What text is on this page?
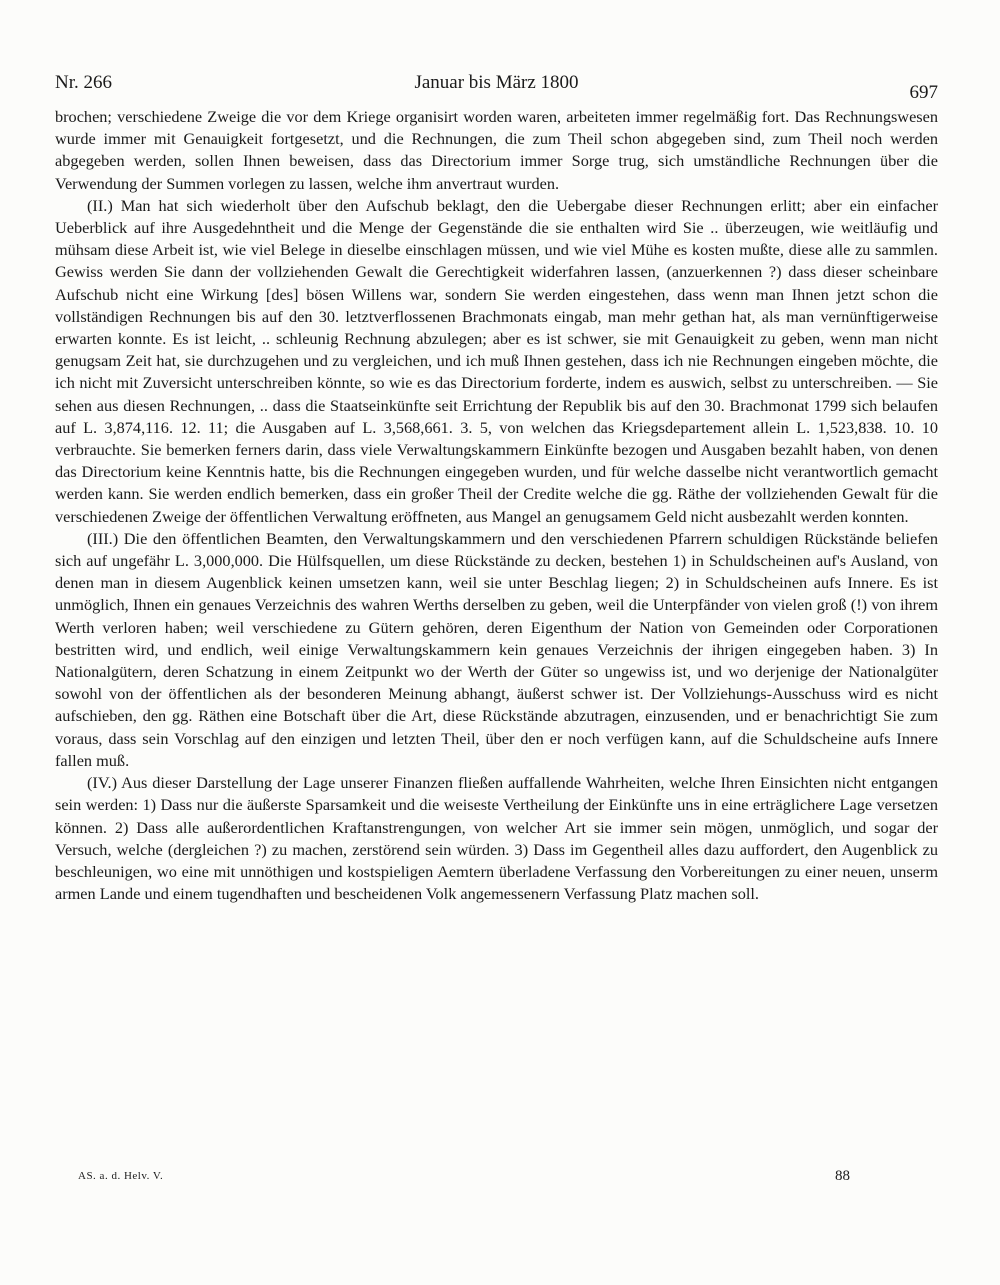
Nr. 266	Januar bis März 1800	697

brochen; verschiedene Zweige die vor dem Kriege organisirt worden waren, arbeiteten immer regelmäßig fort. Das Rechnungswesen wurde immer mit Genauigkeit fortgesetzt, und die Rechnungen, die zum Theil schon abgegeben sind, zum Theil noch werden abgegeben werden, sollen Ihnen beweisen, dass das Directorium immer Sorge trug, sich umständliche Rechnungen über die Verwendung der Summen vorlegen zu lassen, welche ihm anvertraut wurden.

(II.) Man hat sich wiederholt über den Aufschub beklagt, den die Uebergabe dieser Rechnungen erlitt; aber ein einfacher Ueberblick auf ihre Ausgedehntheit und die Menge der Gegenstände die sie enthalten wird Sie .. überzeugen, wie weitläufig und mühsam diese Arbeit ist, wie viel Belege in dieselbe einschlagen müssen, und wie viel Mühe es kosten mußte, diese alle zu sammlen. Gewiss werden Sie dann der vollziehenden Gewalt die Gerechtigkeit widerfahren lassen, (anzuerkennen ?) dass dieser scheinbare Aufschub nicht eine Wirkung [des] bösen Willens war, sondern Sie werden eingestehen, dass wenn man Ihnen jetzt schon die vollständigen Rechnungen bis auf den 30. letztverflossenen Brachmonats eingab, man mehr gethan hat, als man vernünftigerweise erwarten konnte. Es ist leicht, .. schleunig Rechnung abzulegen; aber es ist schwer, sie mit Genauigkeit zu geben, wenn man nicht genugsam Zeit hat, sie durchzugehen und zu vergleichen, und ich muß Ihnen gestehen, dass ich nie Rechnungen eingeben möchte, die ich nicht mit Zuversicht unterschreiben könnte, so wie es das Directorium forderte, indem es auswich, selbst zu unterschreiben. — Sie sehen aus diesen Rechnungen, .. dass die Staatseinkünfte seit Errichtung der Republik bis auf den 30. Brachmonat 1799 sich belaufen auf L. 3,874,116. 12. 11; die Ausgaben auf L. 3,568,661. 3. 5, von welchen das Kriegsdepartement allein L. 1,523,838. 10. 10 verbrauchte. Sie bemerken ferners darin, dass viele Verwaltungskammern Einkünfte bezogen und Ausgaben bezahlt haben, von denen das Directorium keine Kenntnis hatte, bis die Rechnungen eingegeben wurden, und für welche dasselbe nicht verantwortlich gemacht werden kann. Sie werden endlich bemerken, dass ein großer Theil der Credite welche die gg. Räthe der vollziehenden Gewalt für die verschiedenen Zweige der öffentlichen Verwaltung eröffneten, aus Mangel an genugsamem Geld nicht ausbezahlt werden konnten.

(III.) Die den öffentlichen Beamten, den Verwaltungskammern und den verschiedenen Pfarrern schuldigen Rückstände beliefen sich auf ungefähr L. 3,000,000. Die Hülfsquellen, um diese Rückstände zu decken, bestehen 1) in Schuldscheinen auf's Ausland, von denen man in diesem Augenblick keinen umsetzen kann, weil sie unter Beschlag liegen; 2) in Schuldscheinen aufs Innere. Es ist unmöglich, Ihnen ein genaues Verzeichnis des wahren Werths derselben zu geben, weil die Unterpfänder von vielen groß (!) von ihrem Werth verloren haben; weil verschiedene zu Gütern gehören, deren Eigenthum der Nation von Gemeinden oder Corporationen bestritten wird, und endlich, weil einige Verwaltungskammern kein genaues Verzeichnis der ihrigen eingegeben haben. 3) In Nationalgütern, deren Schatzung in einem Zeitpunkt wo der Werth der Güter so ungewiss ist, und wo derjenige der Nationalgüter sowohl von der öffentlichen als der besonderen Meinung abhangt, äußerst schwer ist. Der Vollziehungs-Ausschuss wird es nicht aufschieben, den gg. Räthen eine Botschaft über die Art, diese Rückstände abzutragen, einzusenden, und er benachrichtigt Sie zum voraus, dass sein Vorschlag auf den einzigen und letzten Theil, über den er noch verfügen kann, auf die Schuldscheine aufs Innere fallen muß.

(IV.) Aus dieser Darstellung der Lage unserer Finanzen fließen auffallende Wahrheiten, welche Ihren Einsichten nicht entgangen sein werden: 1) Dass nur die äußerste Sparsamkeit und die weiseste Vertheilung der Einkünfte uns in eine erträglichere Lage versetzen können. 2) Dass alle außerordentlichen Kraftanstrengungen, von welcher Art sie immer sein mögen, unmöglich, und sogar der Versuch, welche (dergleichen ?) zu machen, zerstörend sein würden. 3) Dass im Gegentheil alles dazu auffordert, den Augenblick zu beschleunigen, wo eine mit unnöthigen und kostspieligen Aemtern überladene Verfassung den Vorbereitungen zu einer neuen, unserm armen Lande und einem tugendhaften und bescheidenen Volk angemessenern Verfassung Platz machen soll.

AS. a. d. Helv. V.	88
